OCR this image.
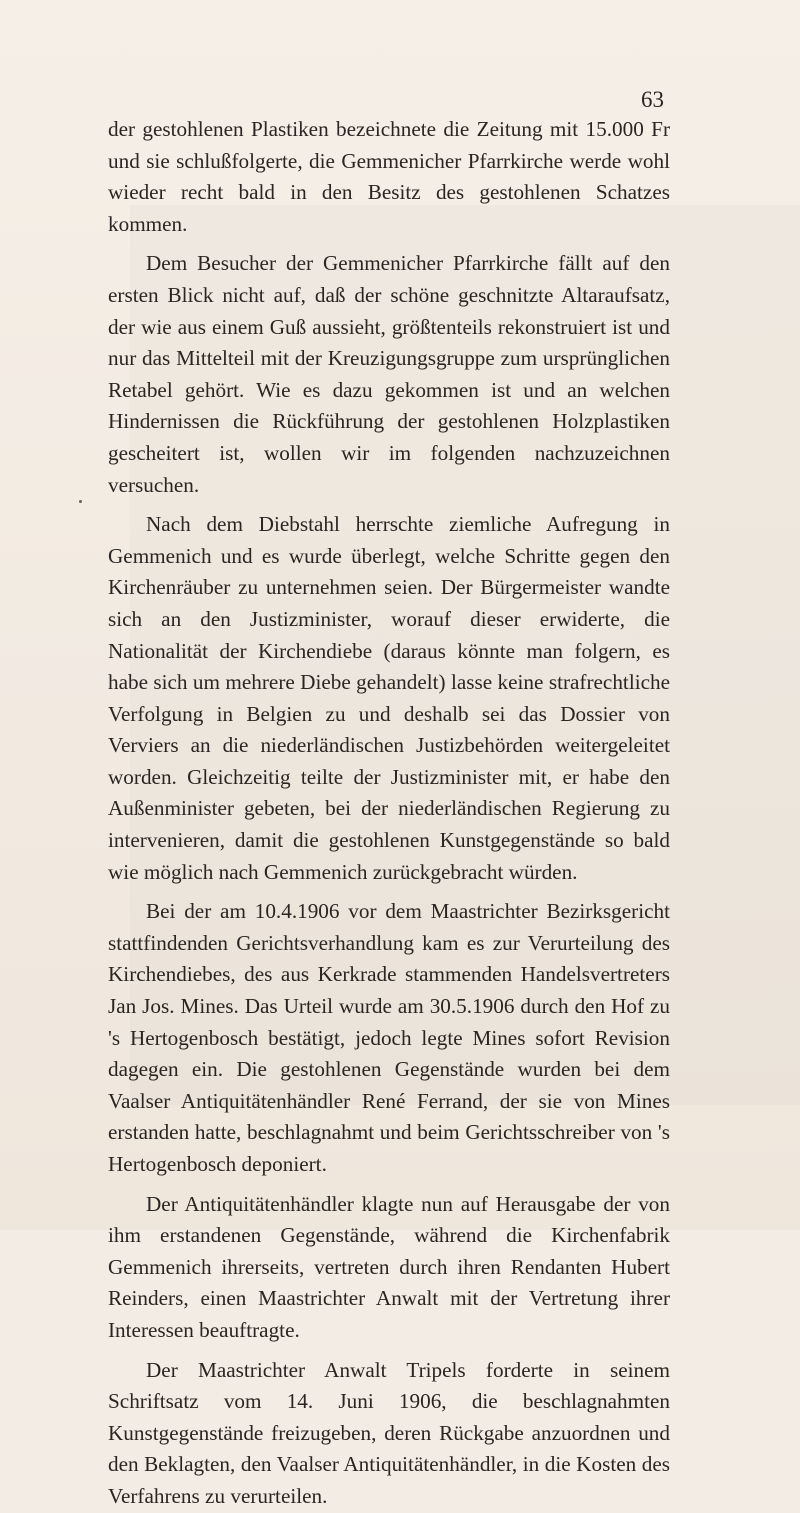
63

der gestohlenen Plastiken bezeichnete die Zeitung mit 15.000 Fr und sie schlußfolgerte, die Gemmenicher Pfarrkirche werde wohl wieder recht bald in den Besitz des gestohlenen Schatzes kommen.

Dem Besucher der Gemmenicher Pfarrkirche fällt auf den ersten Blick nicht auf, daß der schöne geschnitzte Altaraufsatz, der wie aus einem Guß aussieht, größtenteils rekonstruiert ist und nur das Mittelteil mit der Kreuzigungsgruppe zum ursprünglichen Retabel gehört. Wie es dazu gekommen ist und an welchen Hindernissen die Rückführung der gestohlenen Holzplastiken gescheitert ist, wollen wir im folgenden nachzuzeichnen versuchen.

Nach dem Diebstahl herrschte ziemliche Aufregung in Gemmenich und es wurde überlegt, welche Schritte gegen den Kirchenräuber zu unternehmen seien. Der Bürgermeister wandte sich an den Justizminister, worauf dieser erwiderte, die Nationalität der Kirchendiebe (daraus könnte man folgern, es habe sich um mehrere Diebe gehandelt) lasse keine strafrechtliche Verfolgung in Belgien zu und deshalb sei das Dossier von Verviers an die niederländischen Justizbehörden weitergeleitet worden. Gleichzeitig teilte der Justizminister mit, er habe den Außenminister gebeten, bei der niederländischen Regierung zu intervenieren, damit die gestohlenen Kunstgegenstände so bald wie möglich nach Gemmenich zurückgebracht würden.

Bei der am 10.4.1906 vor dem Maastrichter Bezirksgericht stattfindenden Gerichtsverhandlung kam es zur Verurteilung des Kirchendiebes, des aus Kerkrade stammenden Handelsvertreters Jan Jos. Mines. Das Urteil wurde am 30.5.1906 durch den Hof zu 's Hertogenbosch bestätigt, jedoch legte Mines sofort Revision dagegen ein. Die gestohlenen Gegenstände wurden bei dem Vaalser Antiquitätenhändler René Ferrand, der sie von Mines erstanden hatte, beschlagnahmt und beim Gerichtsschreiber von 's Hertogenbosch deponiert.

Der Antiquitätenhändler klagte nun auf Herausgabe der von ihm erstandenen Gegenstände, während die Kirchenfabrik Gemmenich ihrerseits, vertreten durch ihren Rendanten Hubert Reinders, einen Maastrichter Anwalt mit der Vertretung ihrer Interessen beauftragte.

Der Maastrichter Anwalt Tripels forderte in seinem Schriftsatz vom 14. Juni 1906, die beschlagnahmten Kunstgegenstände freizugeben, deren Rückgabe anzuordnen und den Beklagten, den Vaalser Antiquitätenhändler, in die Kosten des Verfahrens zu verurteilen.
